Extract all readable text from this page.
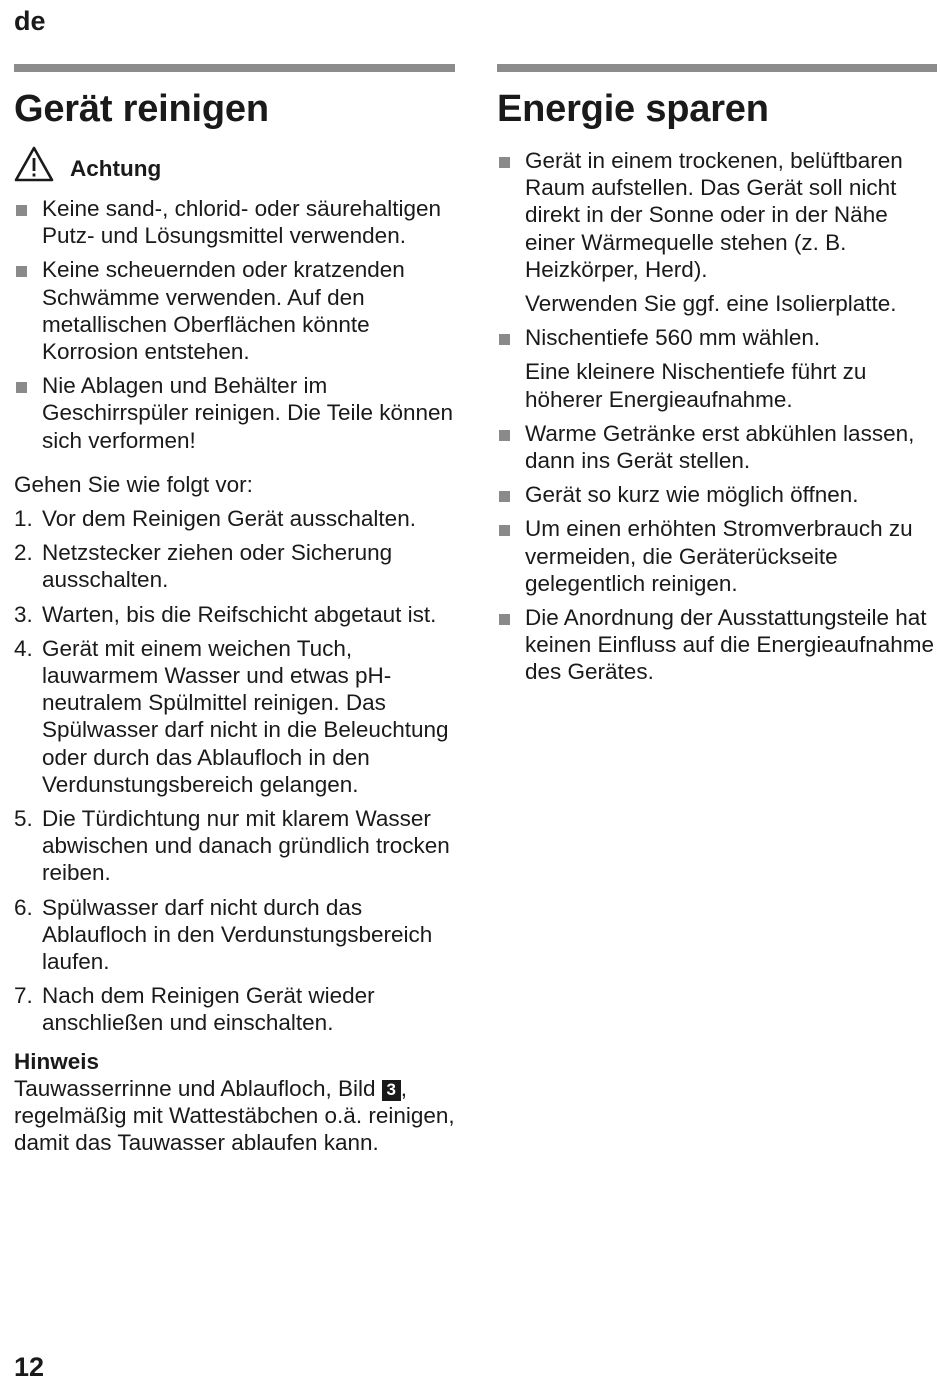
de
Gerät reinigen
Achtung
Keine sand-, chlorid- oder säurehaltigen Putz- und Lösungsmittel verwenden.
Keine scheuernden oder kratzenden Schwämme verwenden. Auf den metallischen Oberflächen könnte Korrosion entstehen.
Nie Ablagen und Behälter im Geschirrspüler reinigen. Die Teile können sich verformen!

Gehen Sie wie folgt vor:

1. Vor dem Reinigen Gerät ausschalten.
2. Netzstecker ziehen oder Sicherung ausschalten.
3. Warten, bis die Reifschicht abgetaut ist.
4. Gerät mit einem weichen Tuch, lauwarmem Wasser und etwas pH-neutralem Spülmittel reinigen. Das Spülwasser darf nicht in die Beleuchtung oder durch das Ablaufloch in den Verdunstungsbereich gelangen.
5. Die Türdichtung nur mit klarem Wasser abwischen und danach gründlich trocken reiben.
6. Spülwasser darf nicht durch das Ablaufloch in den Verdunstungsbereich laufen.
7. Nach dem Reinigen Gerät wieder anschließen und einschalten.
Hinweis

Tauwasserrinne und Ablaufloch, Bild 3 , regelmäßig mit Wattestäbchen o.ä. reinigen, damit das Tauwasser ablaufen kann.

Energie sparen
Gerät in einem trockenen, belüftbaren Raum aufstellen. Das Gerät soll nicht direkt in der Sonne oder in der Nähe einer Wärmequelle stehen (z. B. Heizkörper, Herd).
Verwenden Sie ggf. eine Isolierplatte.
Nischentiefe 560 mm wählen.
Eine kleinere Nischentiefe führt zu höherer Energieaufnahme.
Warme Getränke erst abkühlen lassen, dann ins Gerät stellen.
Gerät so kurz wie möglich öffnen.
Um einen erhöhten Stromverbrauch zu vermeiden, die Geräterückseite gelegentlich reinigen.
Die Anordnung der Ausstattungsteile hat keinen Einfluss auf die Energieaufnahme des Gerätes.
12
